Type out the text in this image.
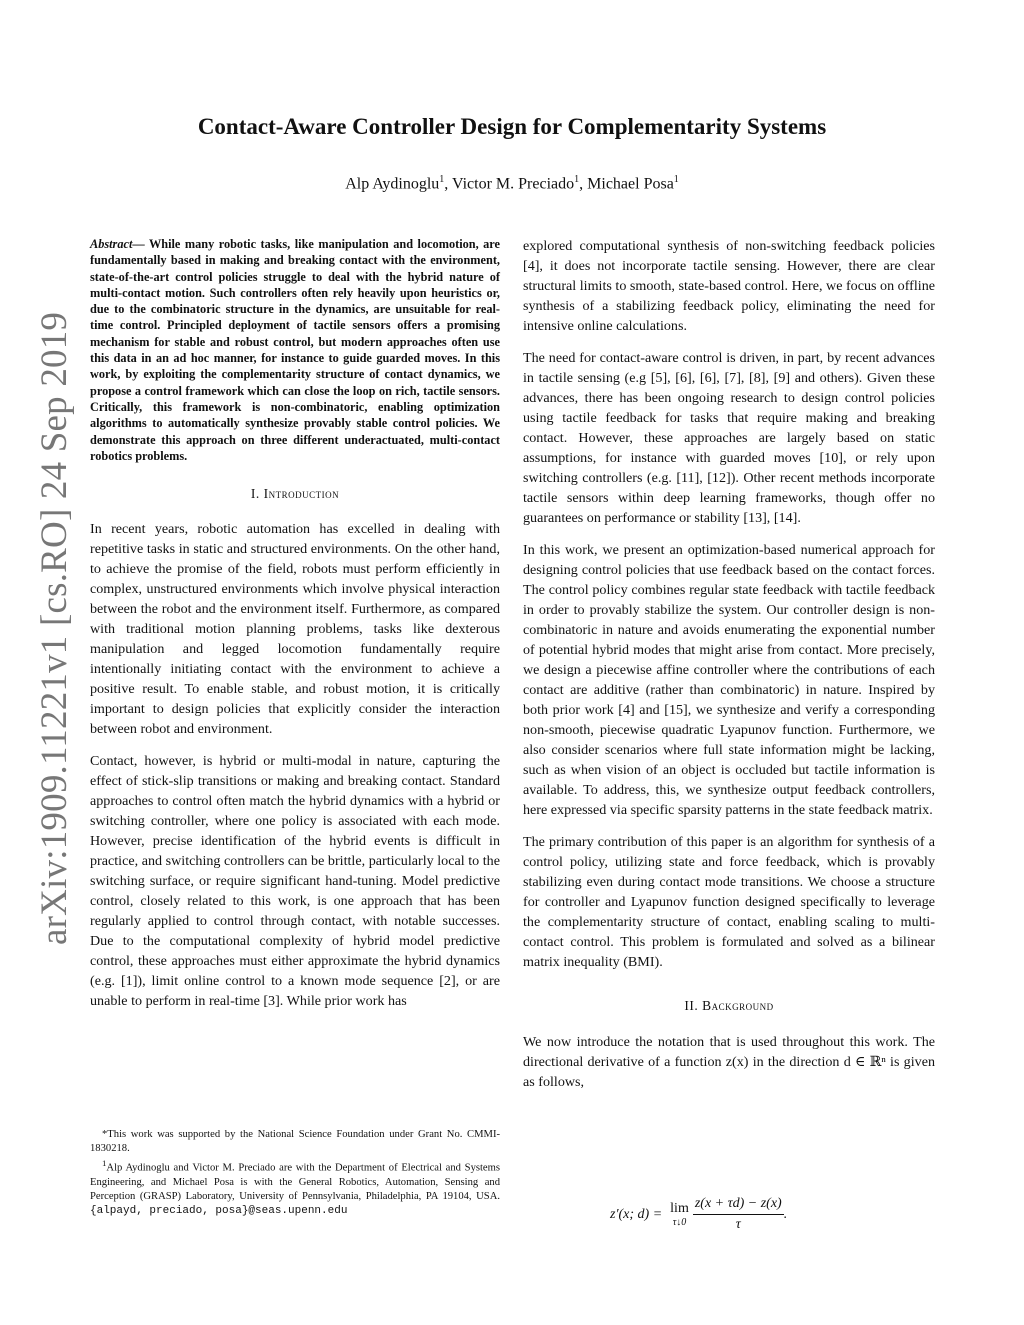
Contact-Aware Controller Design for Complementarity Systems
Alp Aydinoglu$^1$, Victor M. Preciado$^1$, Michael Posa$^1$
arXiv:1909.11221v1 [cs.RO] 24 Sep 2019

Abstract— While many robotic tasks, like manipulation and locomotion, are fundamentally based in making and breaking contact with the environment, state-of-the-art control policies struggle to deal with the hybrid nature of multi-contact motion. Such controllers often rely heavily upon heuristics or, due to the combinatoric structure in the dynamics, are unsuitable for real-time control. Principled deployment of tactile sensors offers a promising mechanism for stable and robust control, but modern approaches often use this data in an ad hoc manner, for instance to guide guarded moves. In this work, by exploiting the complementarity structure of contact dynamics, we propose a control framework which can close the loop on rich, tactile sensors. Critically, this framework is non-combinatoric, enabling optimization algorithms to automatically synthesize provably stable control policies. We demonstrate this approach on three different underactuated, multi-contact robotics problems.

I. Introduction

In recent years, robotic automation has excelled in dealing with repetitive tasks in static and structured environments. On the other hand, to achieve the promise of the field, robots must perform efficiently in complex, unstructured environments which involve physical interaction between the robot and the environment itself. Furthermore, as compared with traditional motion planning problems, tasks like dexterous manipulation and legged locomotion fundamentally require intentionally initiating contact with the environment to achieve a positive result. To enable stable, and robust motion, it is critically important to design policies that explicitly consider the interaction between robot and environment.

Contact, however, is hybrid or multi-modal in nature, capturing the effect of stick-slip transitions or making and breaking contact. Standard approaches to control often match the hybrid dynamics with a hybrid or switching controller, where one policy is associated with each mode. However, precise identification of the hybrid events is difficult in practice, and switching controllers can be brittle, particularly local to the switching surface, or require significant hand-tuning. Model predictive control, closely related to this work, is one approach that has been regularly applied to control through contact, with notable successes. Due to the computational complexity of hybrid model predictive control, these approaches must either approximate the hybrid dynamics (e.g. [1]), limit online control to a known mode sequence [2], or are unable to perform in real-time [3]. While prior work has

*This work was supported by the National Science Foundation under Grant No. CMMI-1830218.

$^1$Alp Aydinoglu and Victor M. Preciado are with the Department of Electrical and Systems Engineering, and Michael Posa is with the General Robotics, Automation, Sensing and Perception (GRASP) Laboratory, University of Pennsylvania, Philadelphia, PA 19104, USA. {alpayd, preciado, posa}@seas.upenn.edu

explored computational synthesis of non-switching feedback policies [4], it does not incorporate tactile sensing. However, there are clear structural limits to smooth, state-based control. Here, we focus on offline synthesis of a stabilizing feedback policy, eliminating the need for intensive online calculations.

The need for contact-aware control is driven, in part, by recent advances in tactile sensing (e.g [5], [6], [6], [7], [8], [9] and others). Given these advances, there has been ongoing research to design control policies using tactile feedback for tasks that require making and breaking contact. However, these approaches are largely based on static assumptions, for instance with guarded moves [10], or rely upon switching controllers (e.g. [11], [12]). Other recent methods incorporate tactile sensors within deep learning frameworks, though offer no guarantees on performance or stability [13], [14].

In this work, we present an optimization-based numerical approach for designing control policies that use feedback based on the contact forces. The control policy combines regular state feedback with tactile feedback in order to provably stabilize the system. Our controller design is non-combinatoric in nature and avoids enumerating the exponential number of potential hybrid modes that might arise from contact. More precisely, we design a piecewise affine controller where the contributions of each contact are additive (rather than combinatoric) in nature. Inspired by both prior work [4] and [15], we synthesize and verify a corresponding non-smooth, piecewise quadratic Lyapunov function. Furthermore, we also consider scenarios where full state information might be lacking, such as when vision of an object is occluded but tactile information is available. To address, this, we synthesize output feedback controllers, here expressed via specific sparsity patterns in the state feedback matrix.

The primary contribution of this paper is an algorithm for synthesis of a control policy, utilizing state and force feedback, which is provably stabilizing even during contact mode transitions. We choose a structure for controller and Lyapunov function designed specifically to leverage the complementarity structure of contact, enabling scaling to multi-contact control. This problem is formulated and solved as a bilinear matrix inequality (BMI).

II. Background

We now introduce the notation that is used throughout this work. The directional derivative of a function z(x) in the direction d ∈ ℝⁿ is given as follows,

z′(x; d) = lim
τ↓0 $\frac{z(x + \tau d) - z(x)}{\tau}$ .
